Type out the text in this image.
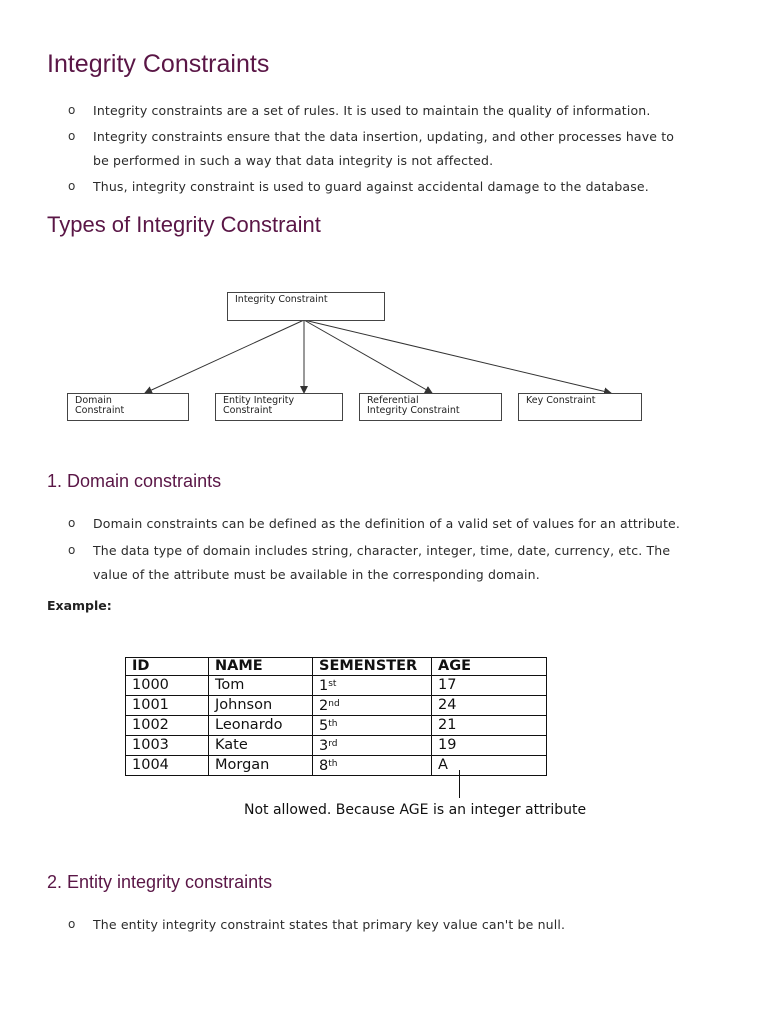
Integrity Constraints
o Integrity constraints are a set of rules. It is used to maintain the quality of information.
o Integrity constraints ensure that the data insertion, updating, and other processes have to
be performed in such a way that data integrity is not affected.
o Thus, integrity constraint is used to guard against accidental damage to the database.
Types of Integrity Constraint
Integrity Constraint
Domain
Constraint
Entity Integrity
Constraint
Referential
Integrity Constraint
Key Constraint
1. Domain constraints
o Domain constraints can be defined as the definition of a valid set of values for an attribute.
o The data type of domain includes string, character, integer, time, date, currency, etc. The
value of the attribute must be available in the corresponding domain.
Example:
ID	NAME	SEMENSTER	AGE
1000	Tom	1st	17
1001	Johnson	2nd	24
1002	Leonardo	5th	21
1003	Kate	3rd	19
1004	Morgan	8th	A
Not allowed. Because AGE is an integer attribute
2. Entity integrity constraints
o The entity integrity constraint states that primary key value can't be null.
